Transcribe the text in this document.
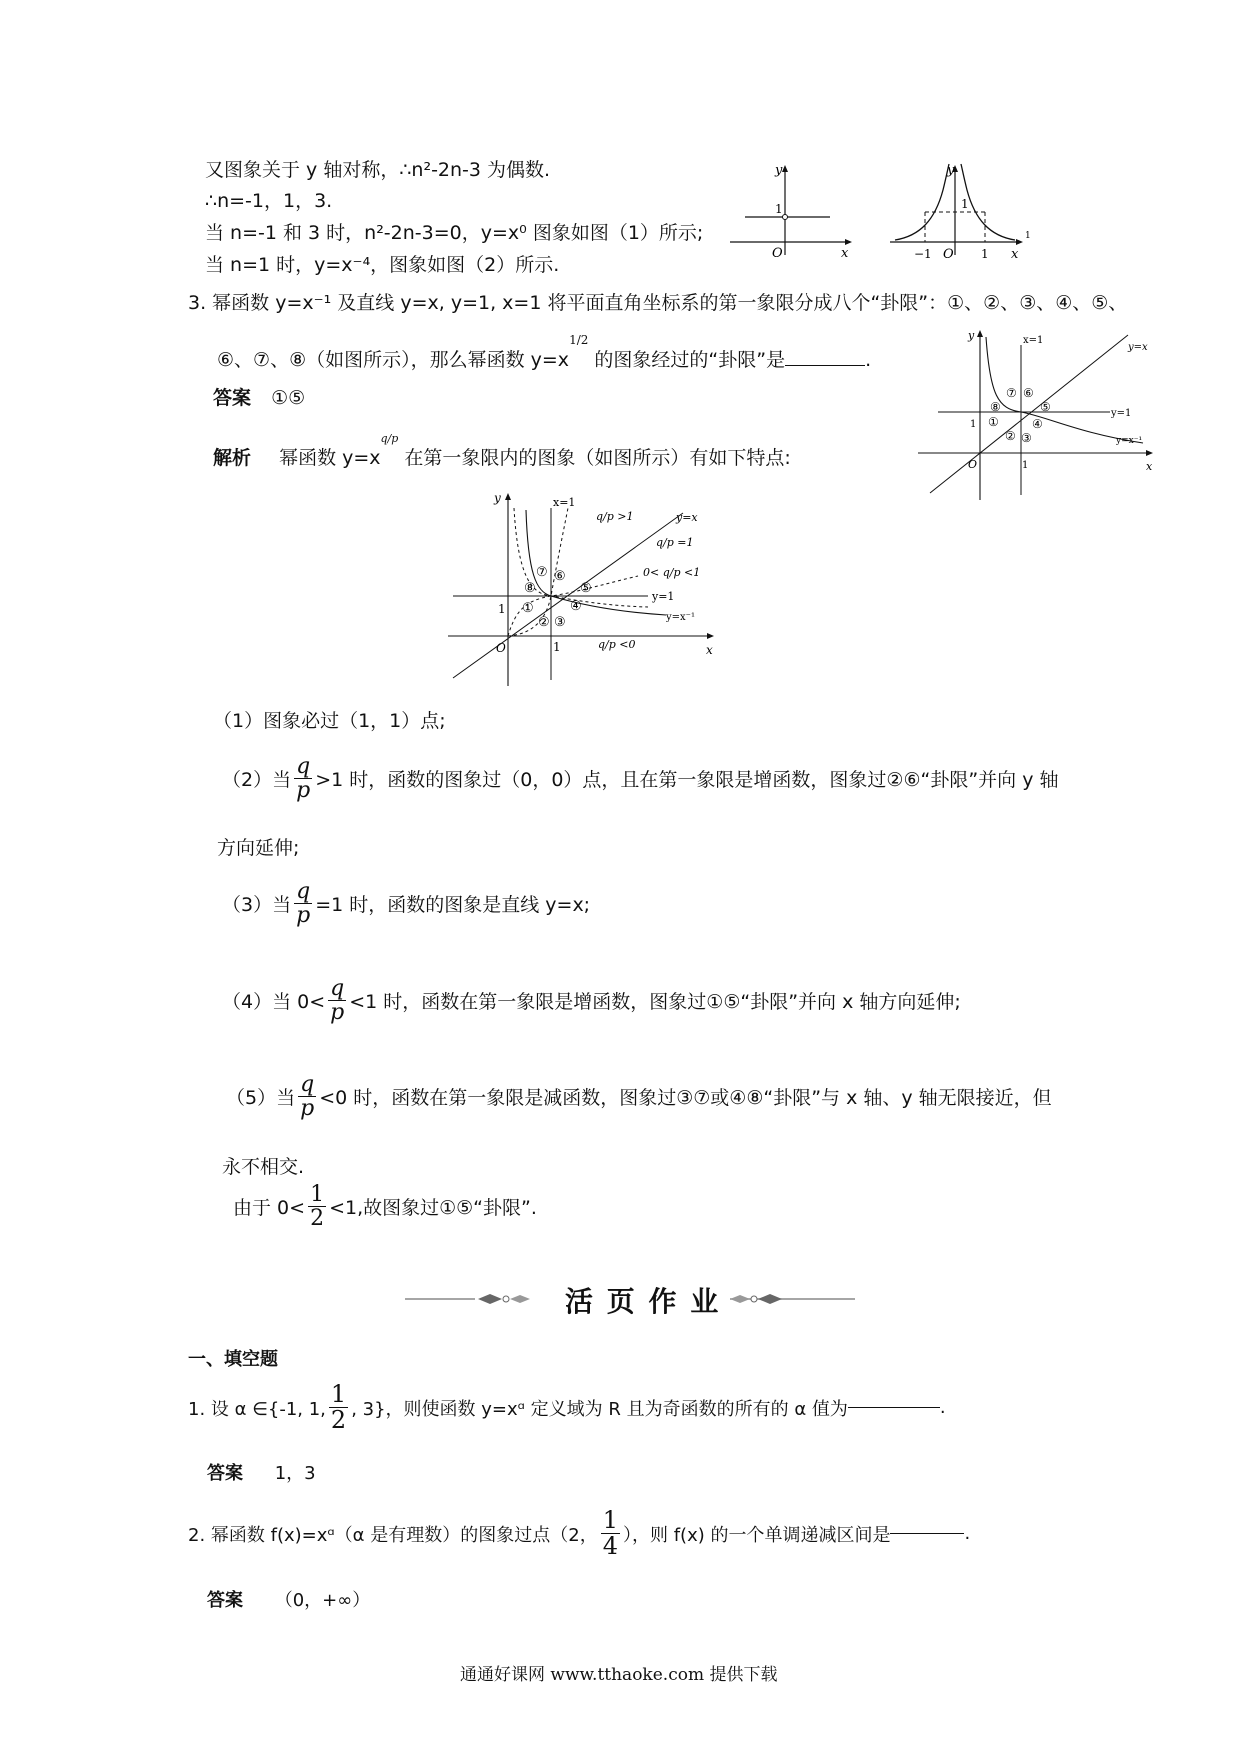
又图象关于 y 轴对称，∴n²-2n-3 为偶数.
∴n=-1，1，3.
当 n=-1 和 3 时，n²-2n-3=0，y=x⁰ 图象如图（1）所示;
当 n=1 时，y=x⁻⁴，图象如图（2）所示.
y
x
O
1
y
x
O
1
−1	1
1
3. 幂函数 y=x⁻¹ 及直线 y=x, y=1, x=1 将平面直角坐标系的第一象限分成八个“卦限”：①、②、③、④、⑤、
⑥、⑦、⑧（如图所示），那么幂函数 $y=x^{1/2}$ 的图象经过的“卦限”是	.
答案 ①⑤
解析 幂函数 $y=x^{q/p}$ 在第一象限内的图象（如图所示）有如下特点:
y
x
O
1
1
x=1
y=x
y=1
y=x⁻¹
①
② ③
④
⑤
⑥
⑦
⑧
y
x
O
1
1
x=1
y=x
y=1
y=x⁻¹
q/p >1
q/p =1
0< q/p <1
q/p <0
①
② ③
④
⑤
⑥
⑦
⑧
（1）图象必过（1，1）点;
（2）当 $\frac{q}{p} >1$ 时，函数的图象过（0，0）点，且在第一象限是增函数，图象过②⑥“卦限”并向 y 轴
方向延伸;
（3）当 $\frac{q}{p} =1$ 时，函数的图象是直线 y=x;
（4）当 $0< \frac{q}{p} <1$ 时，函数在第一象限是增函数，图象过①⑤“卦限”并向 x 轴方向延伸;
（5）当 $\frac{q}{p} <0$ 时，函数在第一象限是减函数，图象过③⑦或④⑧“卦限”与 x 轴、y 轴无限接近，但
永不相交.
由于 $0< \frac{1}{2} <1$,故图象过①⑤“卦限”.
活 页 作 业
一、填空题
1. 设 α ∈{-1, 1, $\frac{1}{2}$ , 3}，则使函数 y=xᵅ 定义域为 R 且为奇函数的所有的 α 值为	.
答案 1，3
2. 幂函数 f(x)=xᵅ（α 是有理数）的图象过点（2， $\frac{1}{4}$ ），则 f(x) 的一个单调递减区间是	.
答案 （0，+∞）
通通好课网 www.tthaoke.com 提供下载
